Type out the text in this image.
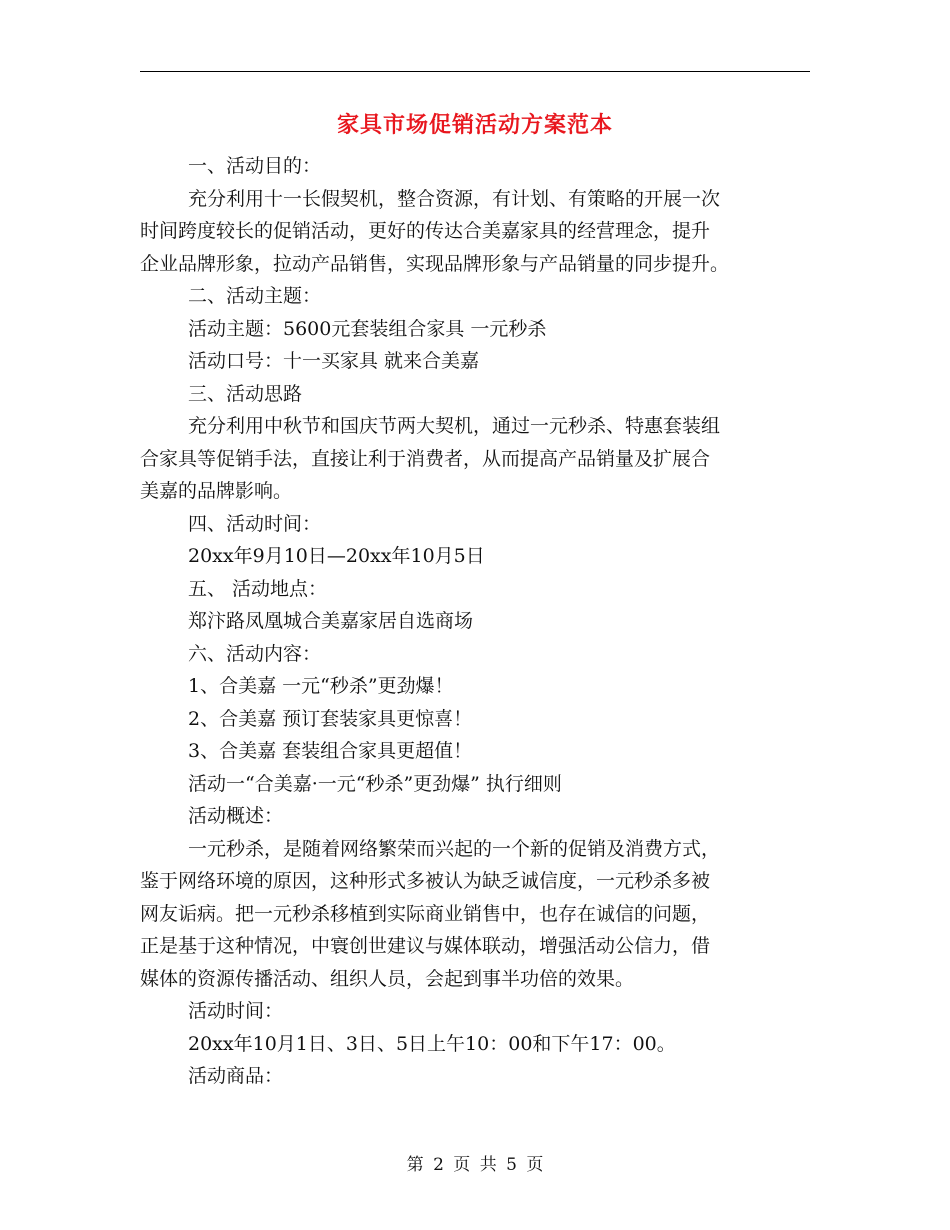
家具市场促销活动方案范本

一、活动目的：

充分利用十一长假契机，整合资源，有计划、有策略的开展一次

时间跨度较长的促销活动，更好的传达合美嘉家具的经营理念，提升

企业品牌形象，拉动产品销售，实现品牌形象与产品销量的同步提升。

二、活动主题：

活动主题：5600元套装组合家具 一元秒杀

活动口号：十一买家具 就来合美嘉

三、活动思路

充分利用中秋节和国庆节两大契机，通过一元秒杀、特惠套装组

合家具等促销手法，直接让利于消费者，从而提高产品销量及扩展合

美嘉的品牌影响。

四、活动时间：

20xx年9月10日—20xx年10月5日

五、 活动地点：

郑汴路凤凰城合美嘉家居自选商场

六、活动内容：

1、合美嘉 一元“秒杀”更劲爆！

2、合美嘉 预订套装家具更惊喜！

3、合美嘉 套装组合家具更超值！

活动一“合美嘉·一元“秒杀”更劲爆” 执行细则

活动概述：

一元秒杀，是随着网络繁荣而兴起的一个新的促销及消费方式，

鉴于网络环境的原因，这种形式多被认为缺乏诚信度，一元秒杀多被

网友诟病。把一元秒杀移植到实际商业销售中，也存在诚信的问题，

正是基于这种情况，中寰创世建议与媒体联动，增强活动公信力，借

媒体的资源传播活动、组织人员，会起到事半功倍的效果。

活动时间：

20xx年10月1日、3日、5日上午10：00和下午17：00。

活动商品：

第 2 页 共 5 页
